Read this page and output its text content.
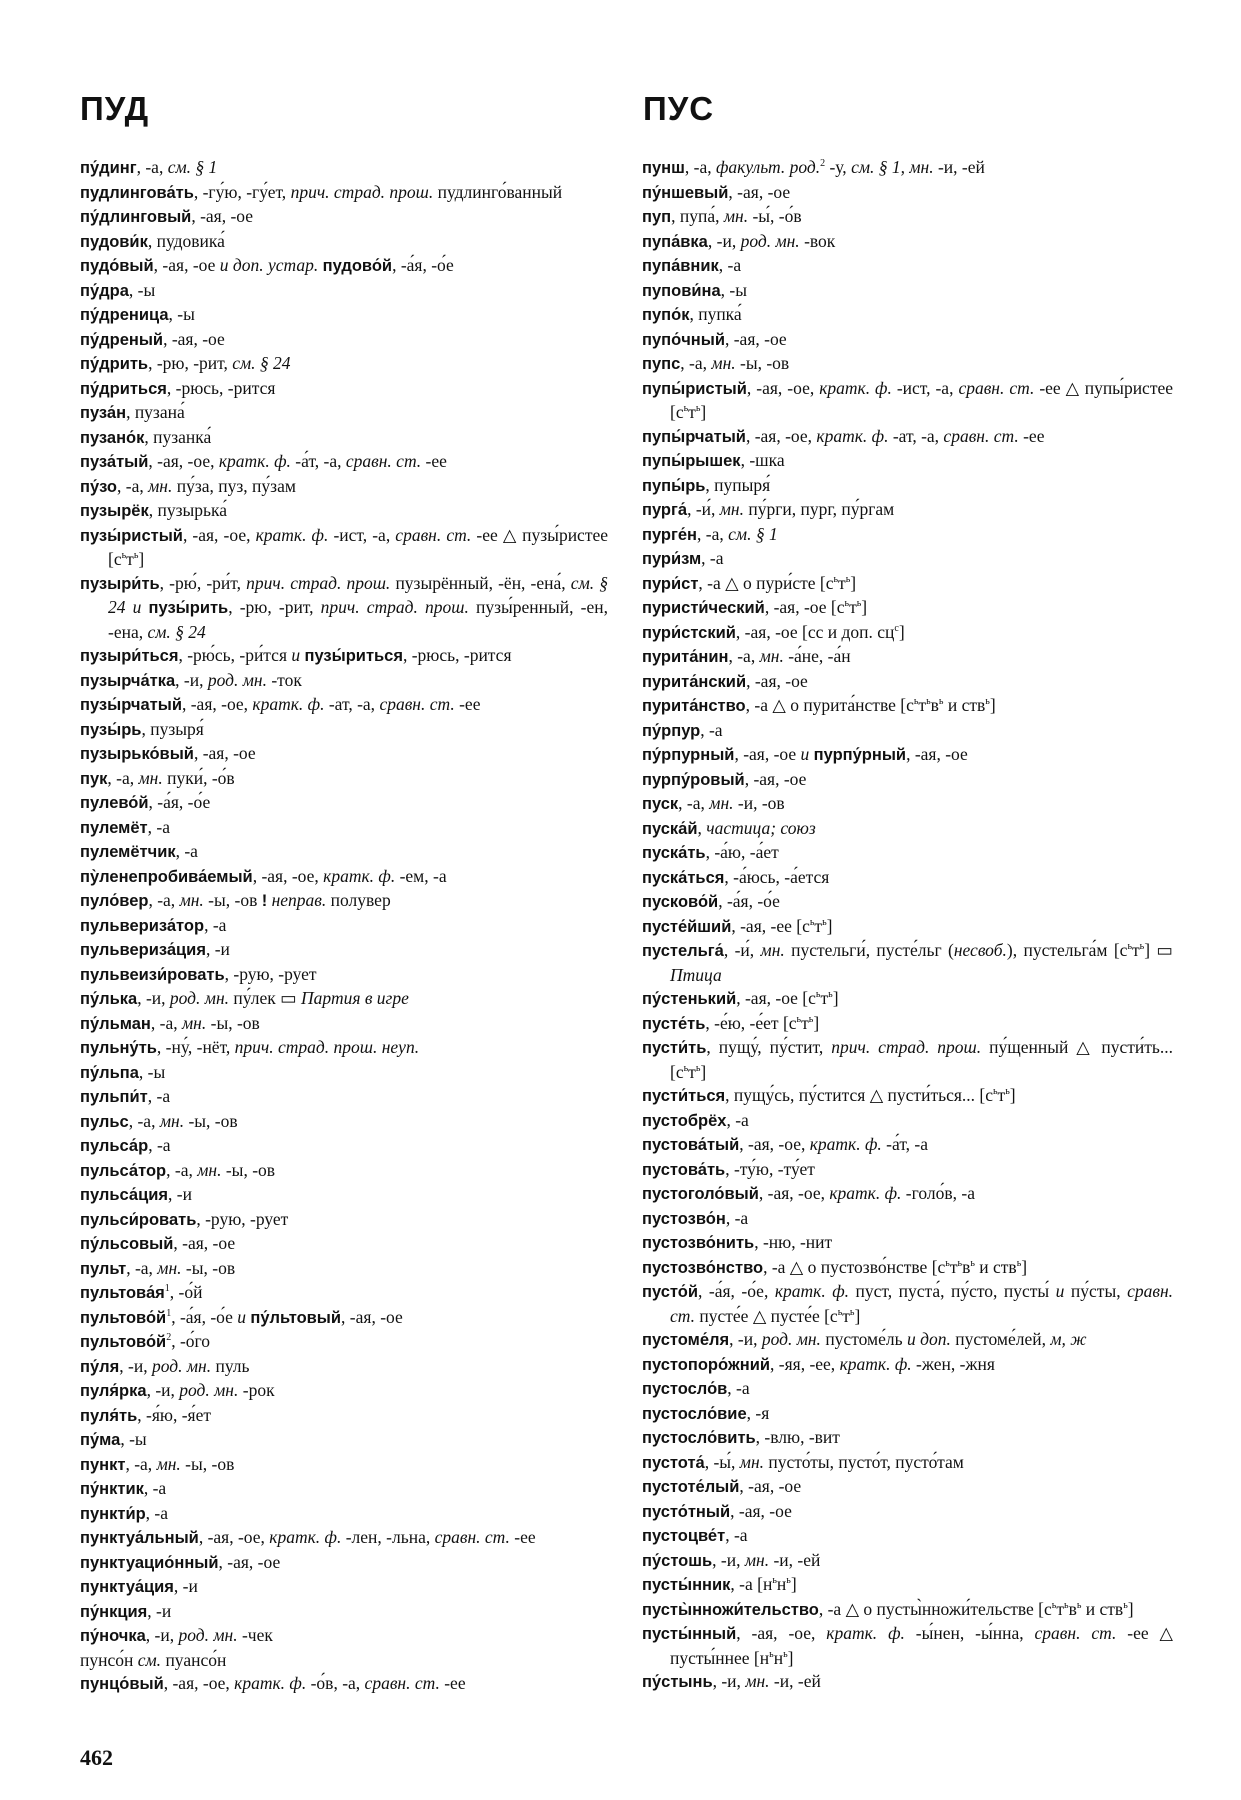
ПУД	ПУС
пу́динг, -а, см. § 1
пудлингова́ть, -гу́ю, -гу́ет, прич. страд. прош. пудлинго́ванный
пу́длинговый, -ая, -ое
пудови́к, пудовика́
пудо́вый, -ая, -ое и доп. устар. пудово́й, -а́я, -о́е
пу́дра, -ы
пу́дреница, -ы
пу́дреный, -ая, -ое
пу́дрить, -рю, -рит, см. § 24
пу́дриться, -рюсь, -рится
пуза́н, пузана́
пузано́к, пузанка́
пуза́тый, -ая, -ое, кратк. ф. -а́т, -а, сравн. ст. -ее
пу́зо, -а, мн. пу́за, пуз, пу́зам
пузырёк, пузырька́
пузы́ристый, -ая, -ое, кратк. ф. -ист, -а, сравн. ст. -ее △ пузы́ристее $[с^ьт^ь]$
пузыри́ть, -рю́, -ри́т, прич. страд. прош. пузырённый, -ён, -ена́, см. § 24 и пузы́рить, -рю, -рит, прич. страд. прош. пузы́ренный, -ен, -ена, см. § 24
пузыри́ться, -рю́сь, -ри́тся и пузы́риться, -рюсь, -рится
пузырча́тка, -и, род. мн. -ток
пузы́рчатый, -ая, -ое, кратк. ф. -ат, -а, сравн. ст. -ее
пузы́рь, пузыря́
пузырько́вый, -ая, -ое
пук, -а, мн. пуки́, -о́в
пулево́й, -а́я, -о́е
пулемёт, -а
пулемётчик, -а
пу̀ленепробива́емый, -ая, -ое, кратк. ф. -ем, -а
пуло́вер, -а, мн. -ы, -ов ! неправ. полувер
пульвериза́тор, -а
пульвериза́ция, -и
пульвеизи́ровать, -рую, -рует
пу́лька, -и, род. мн. пу́лек ▭ Партия в игре
пу́льман, -а, мн. -ы, -ов
пульну́ть, -ну́, -нёт, прич. страд. прош. неуп.
пу́льпа, -ы
пульпи́т, -а
пульс, -а, мн. -ы, -ов
пульса́р, -а
пульса́тор, -а, мн. -ы, -ов
пульса́ция, -и
пульси́ровать, -рую, -рует
пу́льсовый, -ая, -ое
пульт, -а, мн. -ы, -ов
$пультова́я^1$, -о́й
$пультово́й^1$, -а́я, -о́е и пу́льтовый, -ая, -ое
$пультово́й^2$, -о́го
пу́ля, -и, род. мн. пуль
пуля́рка, -и, род. мн. -рок
пуля́ть, -я́ю, -я́ет
пу́ма, -ы
пункт, -а, мн. -ы, -ов
пу́нктик, -а
пункти́р, -а
пунктуа́льный, -ая, -ое, кратк. ф. -лен, -льна, сравн. ст. -ее
пунктуацио́нный, -ая, -ое
пунктуа́ция, -и
пу́нкция, -и
пу́ночка, -и, род. мн. -чек
пунсо́н см. пуансо́н
пунцо́вый, -ая, -ое, кратк. ф. -о́в, -а, сравн. ст. -ее
пунш, -а, факульт. род.$^2$ -у, см. § 1, мн. -и, -ей
пу́ншевый, -ая, -ое
пуп, пупа́, мн. -ы́, -о́в
пупа́вка, -и, род. мн. -вок
пупа́вник, -а
пупови́на, -ы
пупо́к, пупка́
пупо́чный, -ая, -ое
пупс, -а, мн. -ы, -ов
пупы́ристый, -ая, -ое, кратк. ф. -ист, -а, сравн. ст. -ее △ пупы́ристее $[с^ьт^ь]$
пупы́рчатый, -ая, -ое, кратк. ф. -ат, -а, сравн. ст. -ее
пупы́рышек, -шка
пупы́рь, пупыря́
пурга́, -и́, мн. пу́рги, пург, пу́ргам
пурге́н, -а, см. § 1
пури́зм, -а
пури́ст, -а △ о пури́сте $[с^ьт^ь]$
пуристи́ческий, -ая, -ое $[с^ьт^ь]$
пури́стский, -ая, -ое [сс и доп. $сц^с$]
пурита́нин, -а, мн. -а́не, -а́н
пурита́нский, -ая, -ое
пурита́нство, -а △ о пурита́нстве [$с^ьт^ьв^ь$ и ств$^ь$]
пу́рпур, -а
пу́рпурный, -ая, -ое и пурпу́рный, -ая, -ое
пурпу́ровый, -ая, -ое
пуск, -а, мн. -и, -ов
пуска́й, частица; союз
пуска́ть, -а́ю, -а́ет
пуска́ться, -а́юсь, -а́ется
пусково́й, -а́я, -о́е
пусте́йший, -ая, -ее $[с^ьт^ь]$
пустельга́, -и́, мн. пустельги́, пусте́льг (несвоб.), пустельга́м $[с^ьт^ь]$ ▭ Птица
пу́стенький, -ая, -ое $[с^ьт^ь]$
пусте́ть, -е́ю, -е́ет $[с^ьт^ь]$
пусти́ть, пущу́, пу́стит, прич. страд. прош. пу́щенный △ пусти́ть... $[с^ьт^ь]$
пусти́ться, пущу́сь, пу́стится △ пусти́ться... $[с^ьт^ь]$
пустобрёх, -а
пустова́тый, -ая, -ое, кратк. ф. -а́т, -а
пустова́ть, -ту́ю, -ту́ет
пустоголо́вый, -ая, -ое, кратк. ф. -голо́в, -а
пустозво́н, -а
пустозво́нить, -ню, -нит
пустозво́нство, -а △ о пустозво́нстве [$с^ьт^ьв^ь$ и ств$^ь$]
пусто́й, -а́я, -о́е, кратк. ф. пуст, пуста́, пу́сто, пусты́ и пу́сты, сравн. ст. пусте́е △ пусте́е $[с^ьт^ь]$
пустоме́ля, -и, род. мн. пустоме́ль и доп. пустоме́лей, м, ж
пустопоро́жний, -яя, -ее, кратк. ф. -жен, -жня
пустосло́в, -а
пустосло́вие, -я
пустосло́вить, -влю, -вит
пустота́, -ы́, мн. пусто́ты, пусто́т, пусто́там
пустоте́лый, -ая, -ое
пусто́тный, -ая, -ое
пустоцве́т, -а
пу́стошь, -и, мн. -и, -ей
пусты́нник, -а $[н^ьн^ь]$
пусты̀нножи́тельство, -а △ о пусты̀нножи́тельстве [$с^ьт^ьв^ь$ и ств$^ь$]
пусты́нный, -ая, -ое, кратк. ф. -ы́нен, -ы́нна, сравн. ст. -ее △ пусты́ннее $[н^ьн^ь]$
пу́стынь, -и, мн. -и, -ей
462
